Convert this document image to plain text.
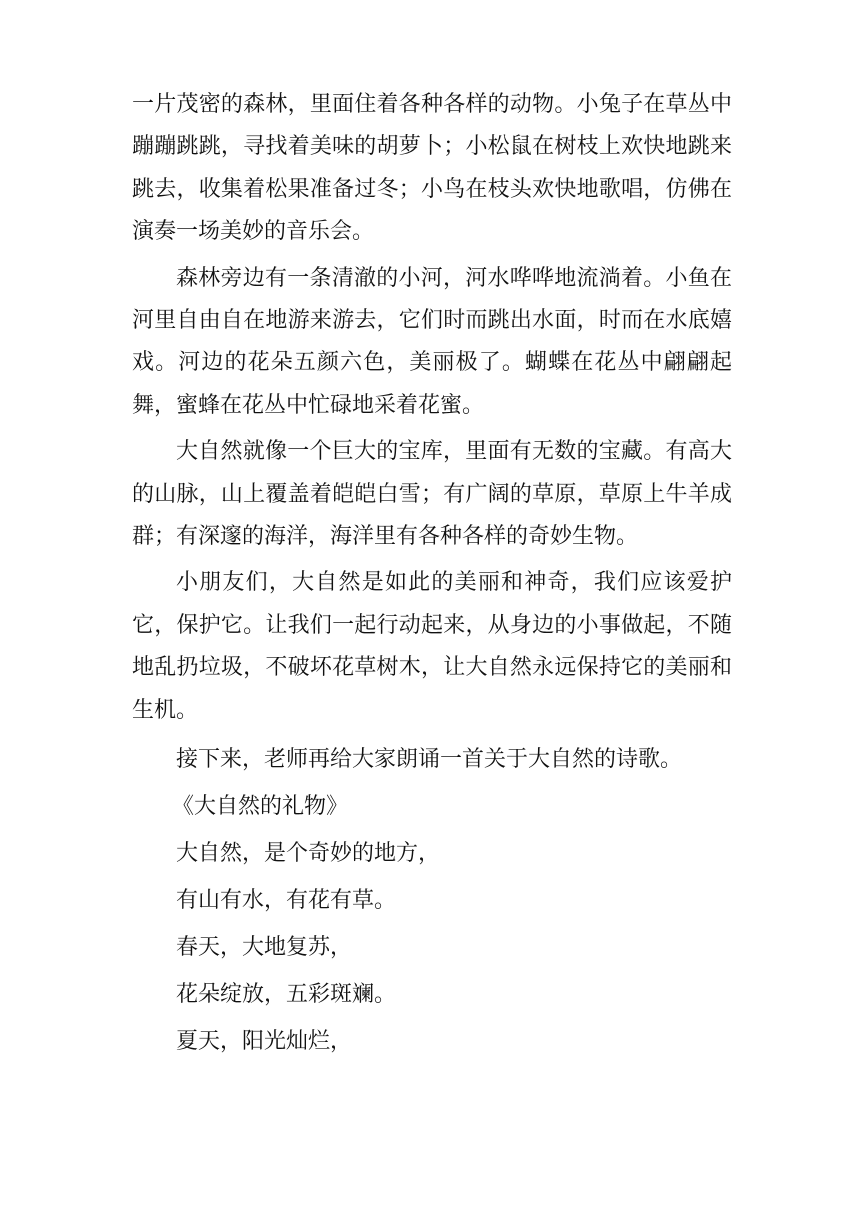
一片茂密的森林，里面住着各种各样的动物。小兔子在草丛中蹦蹦跳跳，寻找着美味的胡萝卜；小松鼠在树枝上欢快地跳来跳去，收集着松果准备过冬；小鸟在枝头欢快地歌唱，仿佛在演奏一场美妙的音乐会。

森林旁边有一条清澈的小河，河水哗哗地流淌着。小鱼在河里自由自在地游来游去，它们时而跳出水面，时而在水底嬉戏。河边的花朵五颜六色，美丽极了。蝴蝶在花丛中翩翩起舞，蜜蜂在花丛中忙碌地采着花蜜。

大自然就像一个巨大的宝库，里面有无数的宝藏。有高大的山脉，山上覆盖着皑皑白雪；有广阔的草原，草原上牛羊成群；有深邃的海洋，海洋里有各种各样的奇妙生物。

小朋友们，大自然是如此的美丽和神奇，我们应该爱护它，保护它。让我们一起行动起来，从身边的小事做起，不随地乱扔垃圾，不破坏花草树木，让大自然永远保持它的美丽和生机。

接下来，老师再给大家朗诵一首关于大自然的诗歌。

《大自然的礼物》

大自然，是个奇妙的地方，

有山有水，有花有草。

春天，大地复苏，

花朵绽放，五彩斑斓。

夏天，阳光灿烂，
